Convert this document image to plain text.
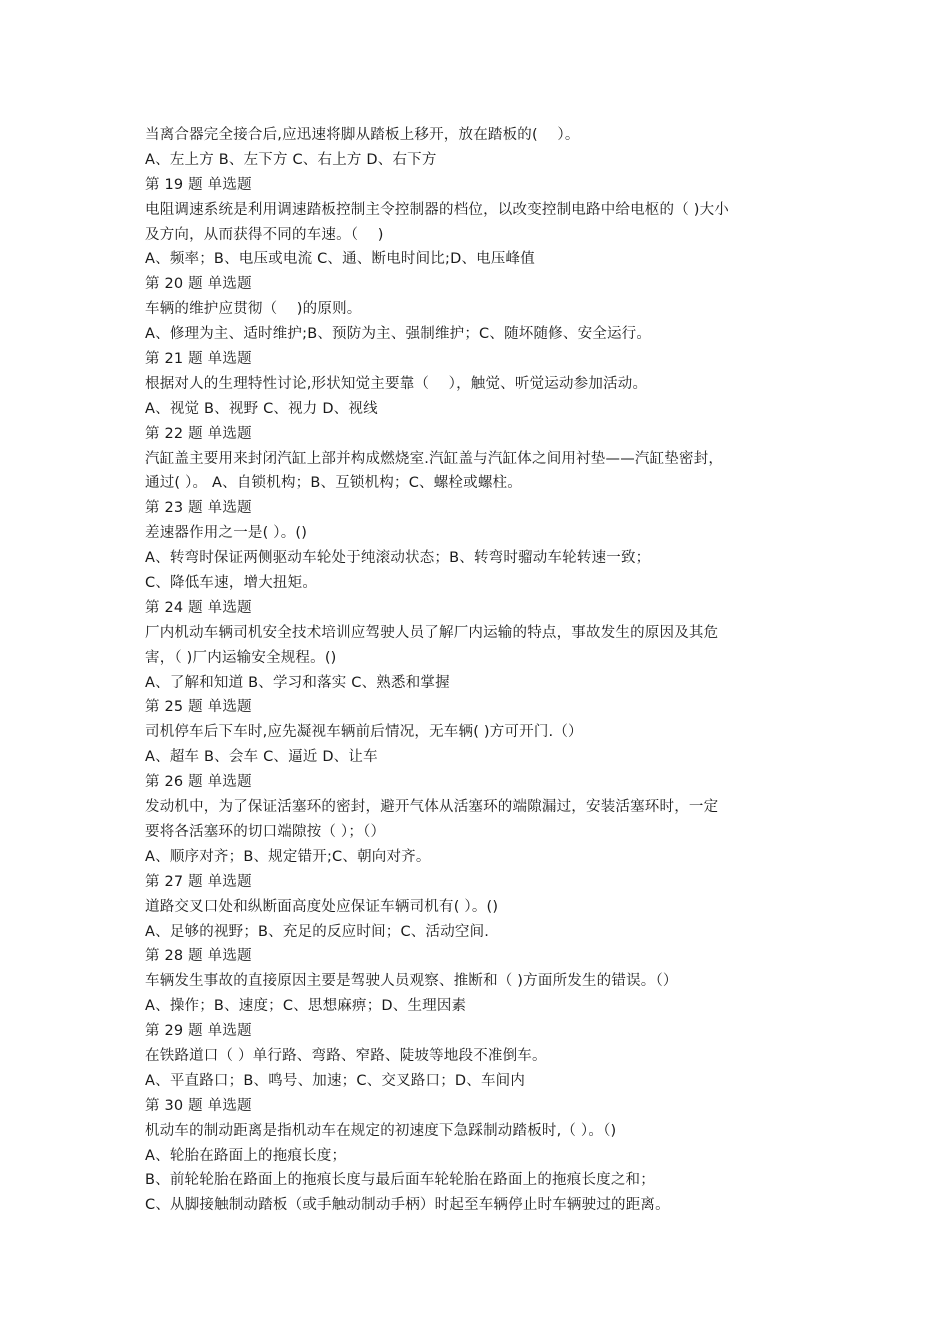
当离合器完全接合后,应迅速将脚从踏板上移开，放在踏板的(　 ）。
A、左上方 B、左下方 C、右上方 D、右下方
第 19 题 单选题
电阻调速系统是利用调速踏板控制主令控制器的档位，以改变控制电路中给电枢的（ )大小
及方向，从而获得不同的车速。（　 )
A、频率；B、电压或电流 C、通、断电时间比;D、电压峰值
第 20 题 单选题
车辆的维护应贯彻（　 )的原则。
A、修理为主、适时维护;B、预防为主、强制维护；C、随坏随修、安全运行。
第 21 题 单选题
根据对人的生理特性讨论,形状知觉主要靠（　 ），触觉、听觉运动参加活动。
A、视觉 B、视野 C、视力 D、视线
第 22 题 单选题
汽缸盖主要用来封闭汽缸上部并构成燃烧室.汽缸盖与汽缸体之间用衬垫——汽缸垫密封，
通过( ）。 A、自锁机构；B、互锁机构；C、螺栓或螺柱。
第 23 题 单选题
差速器作用之一是( ）。()
A、转弯时保证两侧驱动车轮处于纯滚动状态；B、转弯时骝动车轮转速一致；
C、降低车速，增大扭矩。
第 24 题 单选题
厂内机动车辆司机安全技术培训应驾驶人员了解厂内运输的特点，事故发生的原因及其危
害，（ )厂内运输安全规程。()
A、了解和知道 B、学习和落实 C、熟悉和掌握
第 25 题 单选题
司机停车后下车时,应先凝视车辆前后情况，无车辆( )方可开门.（）
A、超车 B、会车 C、逼近 D、让车
第 26 题 单选题
发动机中，为了保证活塞环的密封，避开气体从活塞环的端隙漏过，安装活塞环时，一定
要将各活塞环的切口端隙按（ ）；（）
A、顺序对齐；B、规定错开;C、朝向对齐。
第 27 题 单选题
道路交叉口处和纵断面高度处应保证车辆司机有( ）。()
A、足够的视野；B、充足的反应时间；C、活动空间.
第 28 题 单选题
车辆发生事故的直接原因主要是驾驶人员观察、推断和（ )方面所发生的错误。（）
A、操作；B、速度；C、思想麻痹；D、生理因素
第 29 题 单选题
在铁路道口（ ）单行路、弯路、窄路、陡坡等地段不准倒车。
A、平直路口；B、鸣号、加速；C、交叉路口；D、车间内
第 30 题 单选题
机动车的制动距离是指机动车在规定的初速度下急踩制动踏板时,（ ）。（)
A、轮胎在路面上的拖痕长度；
B、前轮轮胎在路面上的拖痕长度与最后面车轮轮胎在路面上的拖痕长度之和；
C、从脚接触制动踏板（或手触动制动手柄）时起至车辆停止时车辆驶过的距离。
